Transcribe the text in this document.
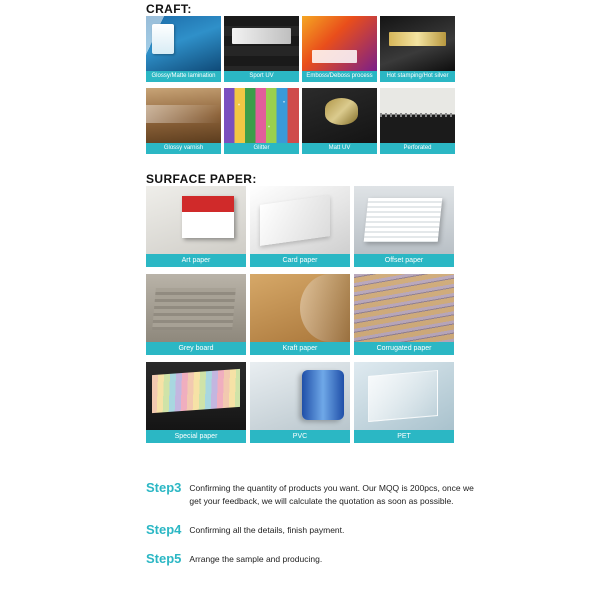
CRAFT:
Glossy/Matte lamination	Sport UV	Emboss/Deboss process	Hot stamping/Hot silver
Glossy varnish	Glitter	Matt UV	Perforated
SURFACE PAPER:
Art paper	Card paper	Offset paper
Grey board	Kraft paper	Corrugated paper
Special paper	PVC	PET
Step3 Confirming the quantity of products you want. Our MQQ is 200pcs, once we get your feedback, we will calculate the quotation as soon as possible.
Step4 Confirming all the details, finish payment.
Step5 Arrange the sample and producing.
